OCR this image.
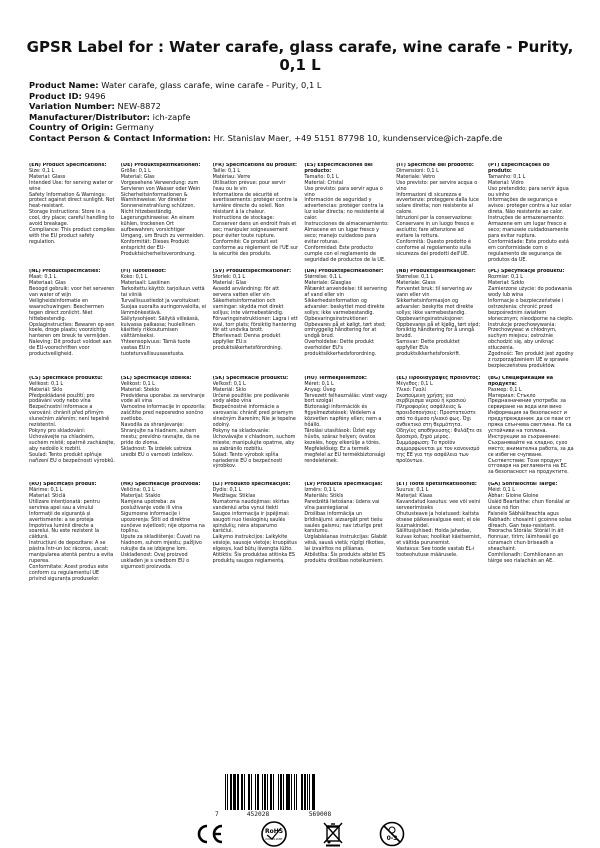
GPSR Label for : Water carafe, glass carafe, wine carafe - Purity,
0,1 L
Product Name: Water carafe, glass carafe, wine carafe - Purity, 0,1 L
Product ID: 9496
Variation Number: NEW-8872
Manufacturer/Distributor: ich-zapfe
Country of Origin: Germany
Contact Person & Contact Information: Hr. Stanislav Maer, +49 5151 87798 10, kundenservice@ich-zapfe.de
(EN) Product Specifications:
Size: 0,1 L
Material: Glass
Intended Use: for serving water or wine
Safety Information & Warnings: protect against direct sunlight. Not heat-resistant.
Storage Instructions: Store in a cool, dry place; careful handling to avoid breakage.
Compliance: This product complies with the EU product safety regulation.
(DE) Produktspezifikationen:
Größe: 0,1 L
Material: Glas
Vorgesehene Verwendung: zum Servieren von Wasser oder Wein
Sicherheitsinformationen & Warnhinweise: Vor direkter Sonneneinstrahlung schützen. Nicht hitzebeständig.
Lagerungshinweise: An einem kühlen, trockenen Ort aufbewahren; vorsichtiger Umgang, um Bruch zu vermeiden.
Konformität: Dieses Produkt entspricht der EU-Produktsicherheitsverordnung.
(FR) Spécifications du produit:
Taille: 0,1 L
Matériau: Verre
Utilisation prévue: pour servir l'eau ou le vin
Informations de sécurité et avertissements: protéger contre la lumière directe du soleil. Non résistant à la chaleur.
Instructions de stockage: Conserver dans un endroit frais et sec; manipuler soigneusement pour éviter toute rupture.
Conformité: Ce produit est conforme au règlement de l'UE sur la sécurité des produits.
(ES) Especificaciones del producto:
Tamaño: 0,1 L
Material: Cristal
Uso previsto: para servir agua o vino
Información de seguridad y advertencias: protéger contra la luz solar directa; no resistente al calor.
Instrucciones de almacenamiento: Almacene en un lugar fresco y seco; manejo cuidadoso para evitar roturas.
Conformidad: Este producto cumple con el reglamento de seguridad de productos de la UE.
(IT) Specifiche del prodotto:
Dimensioni: 0,1 L
Materiale: Vetro
Uso previsto: per servire acqua o vino
Informazioni di sicurezza e avvertenze: proteggere dalla luce solare diretta; non resistente al calore.
Istruzioni per la conservazione: Conservare in un luogo fresco e asciutto; fare attenzione ad evitare la rottura.
Conformità: Questo prodotto è conforme al regolamento sulla sicurezza dei prodotti dell'UE.
(PT) Especificações do produto:
Tamanho: 0,1 L
Material: Vidro
Uso pretendido: para servir água ou vinho
Informações de segurança e avisos: proteger contra a luz solar direta. Não resistente ao calor.
Instruções de armazenamento: Armazene em um lugar fresco e seco; manuseie cuidadosamente para evitar ruptura.
Conformidade: Este produto está em conformidade com o regulamento de segurança de produtos da UE.
(NL) Productspecificaties:
Maat: 0,1 L
Materiaal: Glas
Beoogd gebruik: voor het serveren van water of wijn
Veiligheidsinformatie en waarschuwingen: Beschermen tegen direct zonlicht. Niet hittebestendig.
Opslaginstructies: Bewaren op een koele, droge plaats; voorzichtig hanteren om breuk te vermijden.
Naleving: Dit product voldoet aan de EU-voorschriften voor productveiligheid.
(FI) Tuotetiedot:
Koko: 0,1 L
Materiaali: Lasiiinen
Tarkoitettu käyttö: tarjoiluun vettä tai viiniä
Turvallisuustiedot ja varoitukset: Suojaa suoralta auringonvalolta, ei lämmönkestävä.
Säilytysohjeet: Säilytä viileässä, kuivassa paikassa; huolellinen käsittely rikkoutumisen välttämiseksi.
Yhteensopivuus: Tämä tuote vastaa EU:n tuoteturvallisuusasetusta.
(SV) Produktspecifikationer:
Storlek: 0,1 L
Material: Glas
Avsedd användning: för att servera vatten eller vin
Säkerhetsinformation och varningar: skydda mot direkt solljus; inte värmebeständig.
Förvaringsinstruktioner: Lagra i ett sval, torr plats; försiktig hantering för att undvika brott.
Efterlevnad: Denna produkt uppfyller EU:s produktsäkerhetsförordning.
(DA) Produktspecifikationer:
Størrelse: 0,1 L
Materiale: Glasglas
Påtænkt anvendelse: til servering af vand eller vin
Sikkerhedsinformation og advarsler: beskyttet mod direkte sollys; ikke varmebestandig.
Opbevaringsinstruktioner: Opbevares på et køligt, tørt sted; omhyggelig håndtering for at undgå brud.
Overholdelse: Dette produkt overholder EU's produktsikkerhedsforordning.
(NB) Produktspesifikasjoner:
Størrelse: 0,1 L
Materiale: Glass
Forventet bruk: til servering av vann eller vin
Sikkerhetsinformasjon og advarsler: beskytte mot direkte sollys; ikke varmebestandig.
Oppbevaringsinstruksjoner: Oppbevares på et kjølig, tørt sted; forsiktig håndtering for å unngå brudd.
Samsvar: Dette produktet oppfyller EUs produktsikkerhetsforskrift.
(PL) Specyfikacje produktu:
Rozmiar: 0,1 L
Materiał: Szkło
Zamierzone użycie: do podawania wody lub wina
Informacje o bezpieczeństwie i ostrzeżenia: chronić przed bezpośrednim światłem słonecznym; nieodporne na ciepło.
Instrukcje przechowywania: Przechowywać w chłodnym, suchym miejscu; ostrożnie obchodzić się, aby uniknąć stłuczenia.
Zgodność: Ten produkt jest zgodny z rozporządzeniem UE w sprawie bezpieczeństwa produktów.
(CS) Specifikace produktu:
Velikost: 0,1 L
Materiál: Sklo
Předpokládané použití: pro podávání vody nebo vína
Bezpečnostní informace a varování: chránit před přímým slunečním zářením; není tepelně rezistentní.
Pokyny pro skladování: Uchovávejte na chladném, suchém místě; opatrně zacházejte, aby nedošlo k rozbití.
Soulad: Tento produkt splňuje nařízení EU o bezpečnosti výrobků.
(SL) Specifikacije izdelka:
Velikost: 0,1 L
Material: Steklo
Predvidena uporaba: za serviranje vode ali vina
Varnostne informacije in opozorila: zaščitite pred neposredno sončno svetlobo.
Navodila za shranjevanje: Shranjujte na hladnem, suhem mestu; previdno ravnajte, da ne pride do zloma.
Skladnost: Ta izdelek ustreza uredbi EU o varnosti izdelkov.
(SK) Špecifikácie produktu:
Veľkosť: 0,1 L
Materiál: Sklo
Určené použitie: pre podávanie vody alebo vína
Bezpečnostné informácie a varovania: chrániť pred priamym slnečným žiarením; Nie je tepelne odolný.
Pokyny na skladovanie: Uchovávajte v chladnom, suchom mieste; manipulujte opatrne, aby sa zabránilo rozbitiu.
Súlad: Tento výrobok spĺňa nariadenie EÚ o bezpečnosti výrobkov.
(HU) Termékjellemzők:
Méret: 0,1 L
Anyag: Üveg
Tervezett felhasználás: vizet vagy bort szolgál
Biztonsági információk és figyelmeztetések: Védelem a közvetlen napfény ellen; nem a hőálló.
Tárolási utasítások: Üzlet egy hűvös, száraz helyen; óvatos kezelés, hogy elkerülje a törés.
Megfelelőség: Ez a termék megfelel az EU termékbiztonsági rendeletének.
(EL) Προδιαγραφές προϊόντος:
Μέγεθος: 0,1 L
Υλικό: Γυαλί
Σκοπούμενη χρήση: για σερβίρισμα νερού ή κρασιού
Πληροφορίες ασφάλειας & προειδοποιήσεις: Προστατεύστε από το άμεσο ηλιακό φως. Όχι ανθεκτικό στη θερμότητα.
Οδηγίες αποθήκευσης: Φυλάξτε σε δροσερό, ξηρό μέρος.
Συμμόρφωση: Το προϊόν συμμορφώνεται με τον κανονισμό της ΕΕ για την ασφάλεια των προϊόντων.
(BG) Спецификации на продукта:
Размер: 0,1 L
Материал: Стъкло
Предназначение употреба: за сервиране на вода или вино
Информация за безопасност и предупреждения: да се пази от пряка слънчева светлина. Не са устойчиви на топлина.
Инструкции за съхранение: Съхранявайте на хладно, сухо място; внимателна работа, за да се избегне счупване.
Съответствие: Този продукт отговаря на регламента на ЕС за безопасност на продуктите.
(RO) Specificații produs:
Mărime: 0,1 L
Material: Sticlă
Utilizare intenționată: pentru servirea apei sau a vinului
Informații de siguranță și avertismente: a se proteja împotriva luminii directe a soarelui. Nu este rezistent la căldură.
Instrucțiuni de depozitare: A se păstra într-un loc răcoros, uscat; manipularea atentă pentru a evita ruperea.
Conformitate: Acest produs este conform cu regulamentul UE privind siguranța produselor.
(HR) Specifikacije proizvoda:
Veličina: 0,1 L
Materijal: Staklo
Namjena upotreba: za posluživanje vode ili vina
Sigurnosne informacije i upozorenja: Štiti od direktne sunčeve svjetlosti; nije otporna na toplinu.
Upute za skladištenje: Čuvati na hladnom, suhom mjestu; pažljivo rukujte da se izbjegne lom.
Usklađenost: Ovaj proizvod usklađen je s uredbom EU o sigurnosti proizvoda.
(LT) Produkto specifikacijos:
Dydis: 0,1 L
Medžiaga: Stiklas
Numatoma naudojimas: skirtas vandeniui arba vynui tiekti
Saugos informacija ir įspėjimai: saugoti nuo tiesioginių saulės spindulių; nėra atsparumo karščiui.
Laikymo instrukcijos: Laikykite vėsioje, sausoje vietoje; kruopštus elgesys, kad būtų išvengta lūžio.
Atitiktis: Šis produktas atitinka ES produktų saugos reglamentą.
(LV) Produkta specifikācijas:
Izmērs: 0,1 L
Materiāls: Stikls
Paredzētā lietošana: ūdens vai vīna pasniegšanai
Drošības informācija un brīdinājumi: aizsargāt pret tiešu saules gaismu; nav izturīgs pret karstumu.
Uzglabāšanas instrukcijas: Glabāt vēsā, sausā vietā; rūpīgi rīkoties, lai izvairītos no plīšanas.
Atbilstība: Šis produkts atbilst ES produktu drošības noteikumiem.
(ET) Toote spetsifikatsioonid:
Suurus: 0,1 L
Materjal: Klaas
Kavandatud kasutus: vee või veini serveerimiseks
Ohutusteave ja hoiatused: kaitsta otsese päikesevalguse eest; ei ole kuumakindel.
Säilitusjuhised: Hoida jahedas, kuivas kohas; hoolikat käsitsemist, et vältida purunemist.
Vastavus: See toode vastab EL-i tooteohutuse määrusele.
(GA) Sonraíochtaí Táirge:
Méid: 0,1 L
Ábhar: Gloine Gloine
Úsáid Beartaithe: chun fíonálaí ar uisce nó fíon
Faisnéis Sábháilteachta agus Rabhadh: chosaint i gcoinne solas díreach. Gan teas-resistant.
Treoracha Stórála: Stóráil in áit fionnuar, tirim; láimhseáil go cúramach chun briseadh a sheachaint.
Comhlíonadh: Comhlíonann an táirge seo rialachán an AE.
7	452028	569008
RoHS
COMPLIANT	0-3
